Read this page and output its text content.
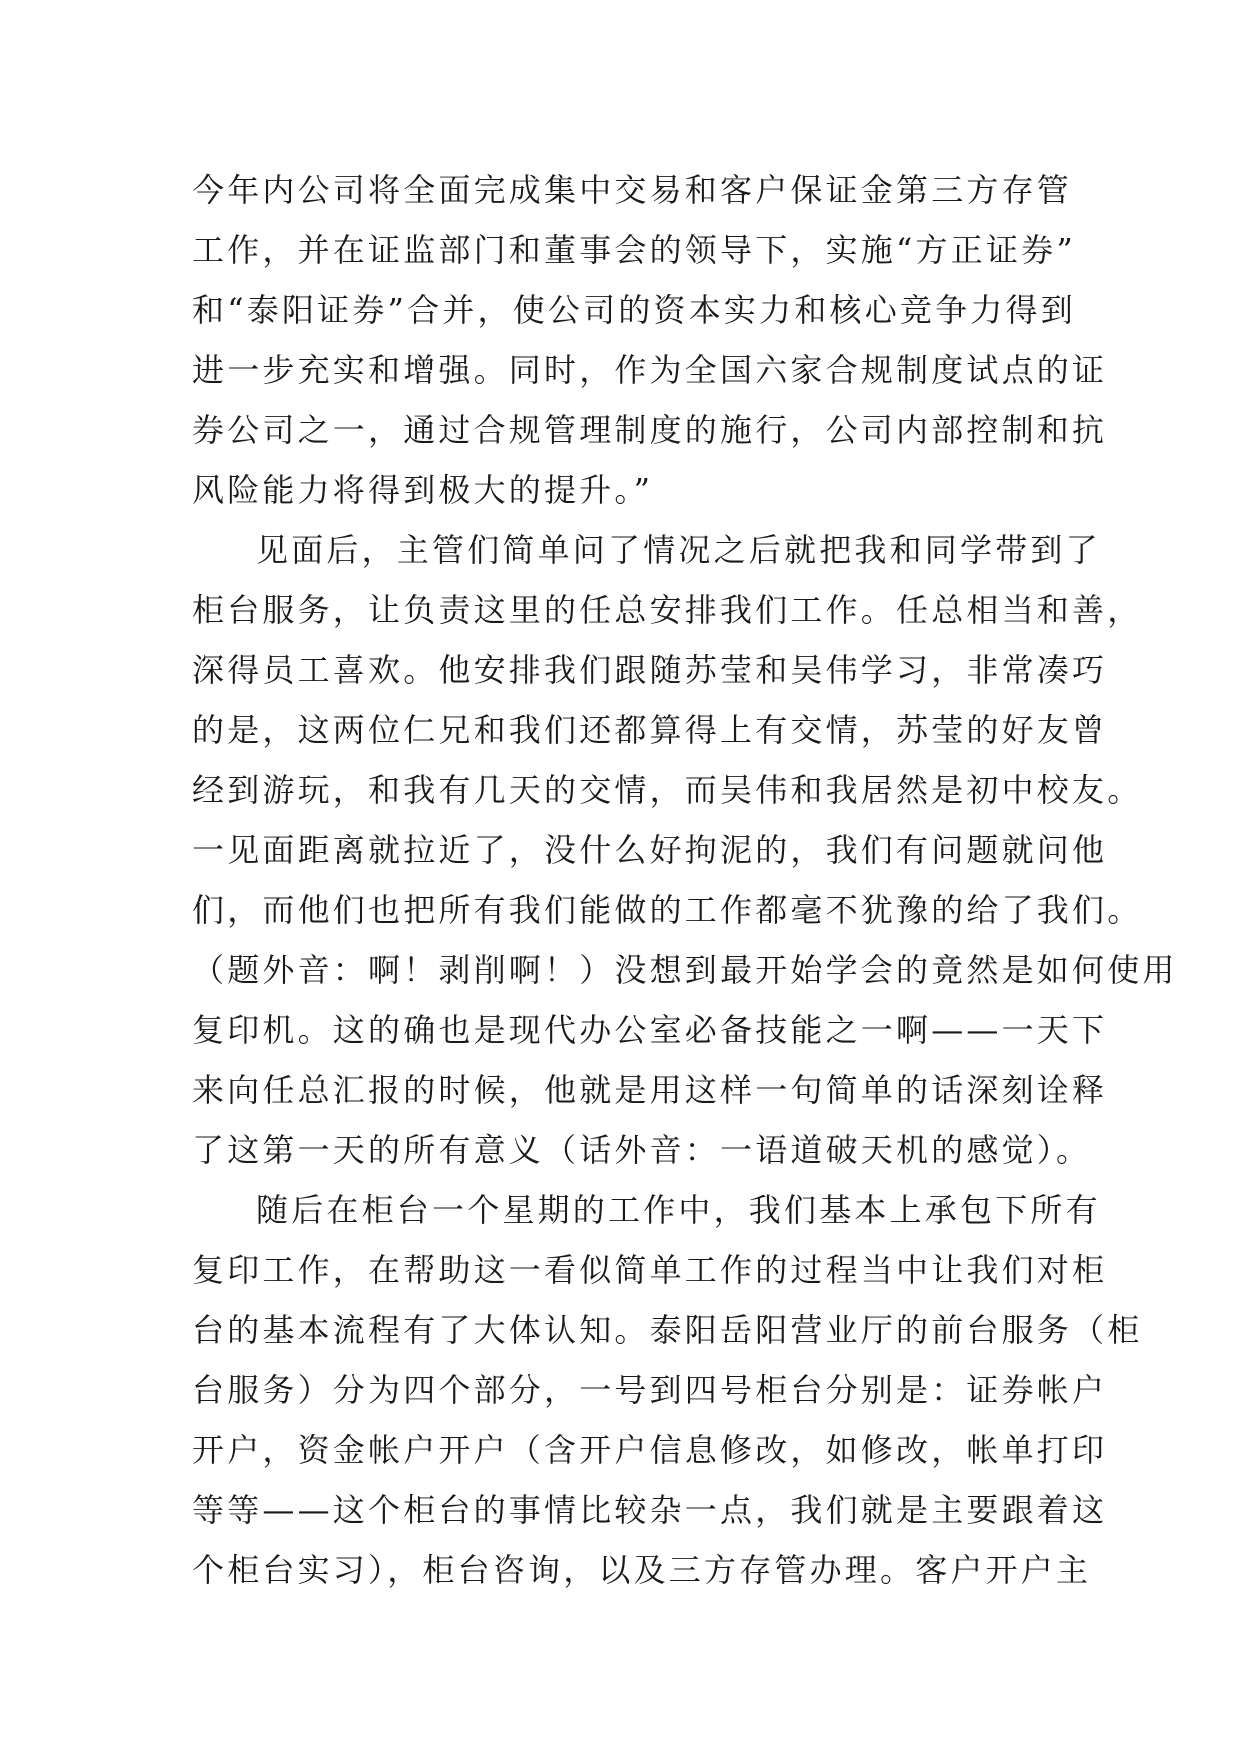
今年内公司将全面完成集中交易和客户保证金第三方存管
工作，并在证监部门和董事会的领导下，实施“方正证券”
和“泰阳证券”合并，使公司的资本实力和核心竞争力得到
进一步充实和增强。同时，作为全国六家合规制度试点的证
券公司之一，通过合规管理制度的施行，公司内部控制和抗
风险能力将得到极大的提升。”
见面后，主管们简单问了情况之后就把我和同学带到了
柜台服务，让负责这里的任总安排我们工作。任总相当和善，
深得员工喜欢。他安排我们跟随苏莹和吴伟学习，非常凑巧
的是，这两位仁兄和我们还都算得上有交情，苏莹的好友曾
经到游玩，和我有几天的交情，而吴伟和我居然是初中校友。
一见面距离就拉近了，没什么好拘泥的，我们有问题就问他
们，而他们也把所有我们能做的工作都毫不犹豫的给了我们。
（题外音：啊！剥削啊！）没想到最开始学会的竟然是如何使用
复印机。这的确也是现代办公室必备技能之一啊——一天下
来向任总汇报的时候，他就是用这样一句简单的话深刻诠释
了这第一天的所有意义（话外音：一语道破天机的感觉）。
随后在柜台一个星期的工作中，我们基本上承包下所有
复印工作，在帮助这一看似简单工作的过程当中让我们对柜
台的基本流程有了大体认知。泰阳岳阳营业厅的前台服务（柜
台服务）分为四个部分，一号到四号柜台分别是：证券帐户
开户，资金帐户开户（含开户信息修改，如修改，帐单打印
等等——这个柜台的事情比较杂一点，我们就是主要跟着这
个柜台实习），柜台咨询，以及三方存管办理。客户开户主
